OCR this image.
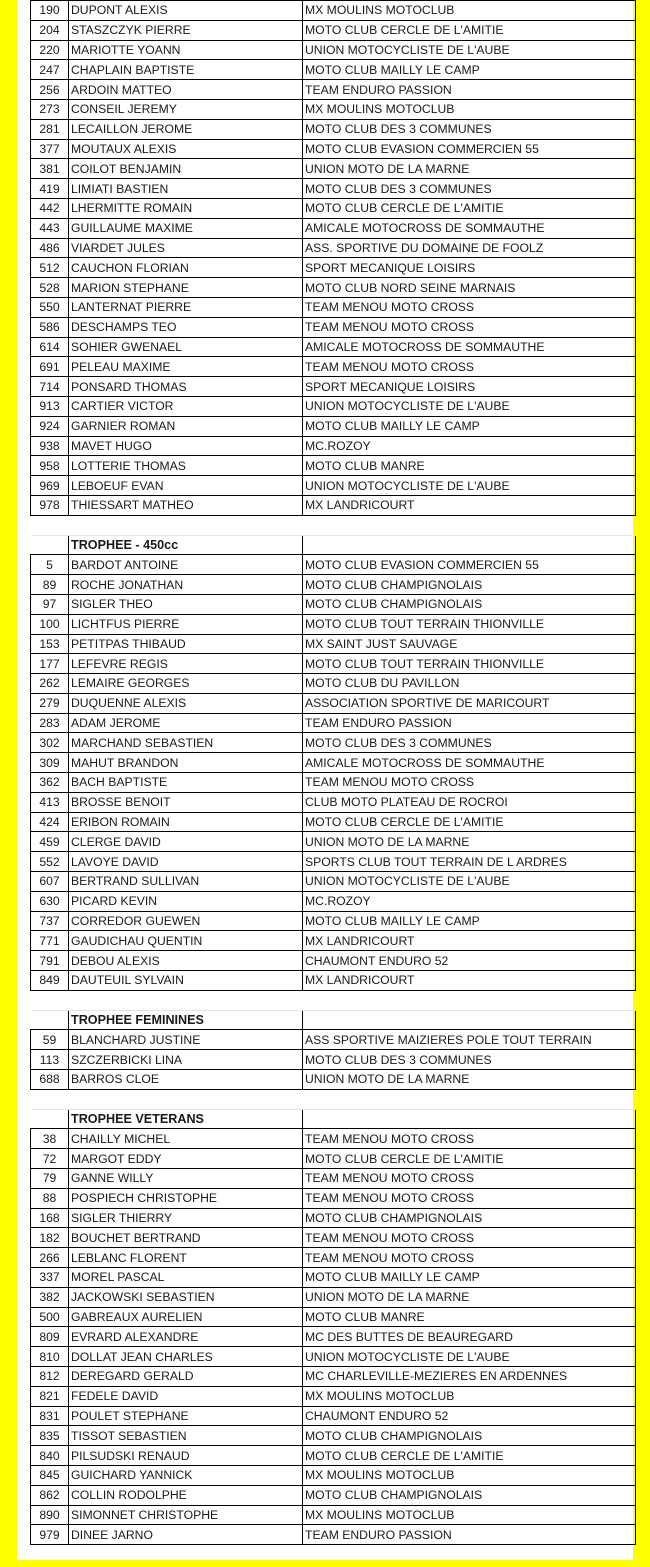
190	DUPONT ALEXIS	MX MOULINS MOTOCLUB
204	STASZCZYK PIERRE	MOTO CLUB CERCLE DE L'AMITIE
220	MARIOTTE YOANN	UNION MOTOCYCLISTE DE L'AUBE
247	CHAPLAIN BAPTISTE	MOTO CLUB MAILLY LE CAMP
256	ARDOIN MATTEO	TEAM ENDURO PASSION
273	CONSEIL JEREMY	MX MOULINS MOTOCLUB
281	LECAILLON JEROME	MOTO CLUB DES 3 COMMUNES
377	MOUTAUX ALEXIS	MOTO CLUB EVASION COMMERCIEN 55
381	COILOT BENJAMIN	UNION MOTO DE LA MARNE
419	LIMIATI BASTIEN	MOTO CLUB DES 3 COMMUNES
442	LHERMITTE ROMAIN	MOTO CLUB CERCLE DE L'AMITIE
443	GUILLAUME MAXIME	AMICALE MOTOCROSS DE SOMMAUTHE
486	VIARDET JULES	ASS. SPORTIVE DU DOMAINE DE FOOLZ
512	CAUCHON FLORIAN	SPORT MECANIQUE LOISIRS
528	MARION STEPHANE	MOTO CLUB NORD SEINE MARNAIS
550	LANTERNAT PIERRE	TEAM MENOU MOTO CROSS
586	DESCHAMPS TEO	TEAM MENOU MOTO CROSS
614	SOHIER GWENAEL	AMICALE MOTOCROSS DE SOMMAUTHE
691	PELEAU MAXIME	TEAM MENOU MOTO CROSS
714	PONSARD THOMAS	SPORT MECANIQUE LOISIRS
913	CARTIER VICTOR	UNION MOTOCYCLISTE DE L'AUBE
924	GARNIER ROMAN	MOTO CLUB MAILLY LE CAMP
938	MAVET HUGO	MC.ROZOY
958	LOTTERIE THOMAS	MOTO CLUB MANRE
969	LEBOEUF EVAN	UNION MOTOCYCLISTE DE L'AUBE
978	THIESSART MATHEO	MX LANDRICOURT

	TROPHEE - 450cc	
5	BARDOT ANTOINE	MOTO CLUB EVASION COMMERCIEN 55
89	ROCHE JONATHAN	MOTO CLUB CHAMPIGNOLAIS
97	SIGLER THEO	MOTO CLUB CHAMPIGNOLAIS
100	LICHTFUS PIERRE	MOTO CLUB TOUT TERRAIN THIONVILLE
153	PETITPAS THIBAUD	MX SAINT JUST SAUVAGE
177	LEFEVRE REGIS	MOTO CLUB TOUT TERRAIN THIONVILLE
262	LEMAIRE GEORGES	MOTO CLUB DU PAVILLON
279	DUQUENNE ALEXIS	ASSOCIATION SPORTIVE DE MARICOURT
283	ADAM JEROME	TEAM ENDURO PASSION
302	MARCHAND SEBASTIEN	MOTO CLUB DES 3 COMMUNES
309	MAHUT BRANDON	AMICALE MOTOCROSS DE SOMMAUTHE
362	BACH BAPTISTE	TEAM MENOU MOTO CROSS
413	BROSSE BENOIT	CLUB MOTO PLATEAU DE ROCROI
424	ERIBON ROMAIN	MOTO CLUB CERCLE DE L'AMITIE
459	CLERGE DAVID	UNION MOTO DE LA MARNE
552	LAVOYE DAVID	SPORTS CLUB TOUT TERRAIN DE L ARDRES
607	BERTRAND SULLIVAN	UNION MOTOCYCLISTE DE L'AUBE
630	PICARD KEVIN	MC.ROZOY
737	CORREDOR GUEWEN	MOTO CLUB MAILLY LE CAMP
771	GAUDICHAU QUENTIN	MX LANDRICOURT
791	DEBOU ALEXIS	CHAUMONT ENDURO 52
849	DAUTEUIL SYLVAIN	MX LANDRICOURT

	TROPHEE FEMININES	
59	BLANCHARD JUSTINE	ASS SPORTIVE MAIZIERES POLE TOUT TERRAIN
113	SZCZERBICKI LINA	MOTO CLUB DES 3 COMMUNES
688	BARROS CLOE	UNION MOTO DE LA MARNE

	TROPHEE VETERANS	
38	CHAILLY MICHEL	TEAM MENOU MOTO CROSS
72	MARGOT EDDY	MOTO CLUB CERCLE DE L'AMITIE
79	GANNE WILLY	TEAM MENOU MOTO CROSS
88	POSPIECH CHRISTOPHE	TEAM MENOU MOTO CROSS
168	SIGLER THIERRY	MOTO CLUB CHAMPIGNOLAIS
182	BOUCHET BERTRAND	TEAM MENOU MOTO CROSS
266	LEBLANC FLORENT	TEAM MENOU MOTO CROSS
337	MOREL PASCAL	MOTO CLUB MAILLY LE CAMP
382	JACKOWSKI SEBASTIEN	UNION MOTO DE LA MARNE
500	GABREAUX AURELIEN	MOTO CLUB MANRE
809	EVRARD ALEXANDRE	MC DES BUTTES DE BEAUREGARD
810	DOLLAT JEAN CHARLES	UNION MOTOCYCLISTE DE L'AUBE
812	DEREGARD GERALD	MC CHARLEVILLE-MEZIERES EN ARDENNES
821	FEDELE DAVID	MX MOULINS MOTOCLUB
831	POULET STEPHANE	CHAUMONT ENDURO 52
835	TISSOT SEBASTIEN	MOTO CLUB CHAMPIGNOLAIS
840	PILSUDSKI RENAUD	MOTO CLUB CERCLE DE L'AMITIE
845	GUICHARD YANNICK	MX MOULINS MOTOCLUB
862	COLLIN RODOLPHE	MOTO CLUB CHAMPIGNOLAIS
890	SIMONNET CHRISTOPHE	MX MOULINS MOTOCLUB
979	DINEE JARNO	TEAM ENDURO PASSION
